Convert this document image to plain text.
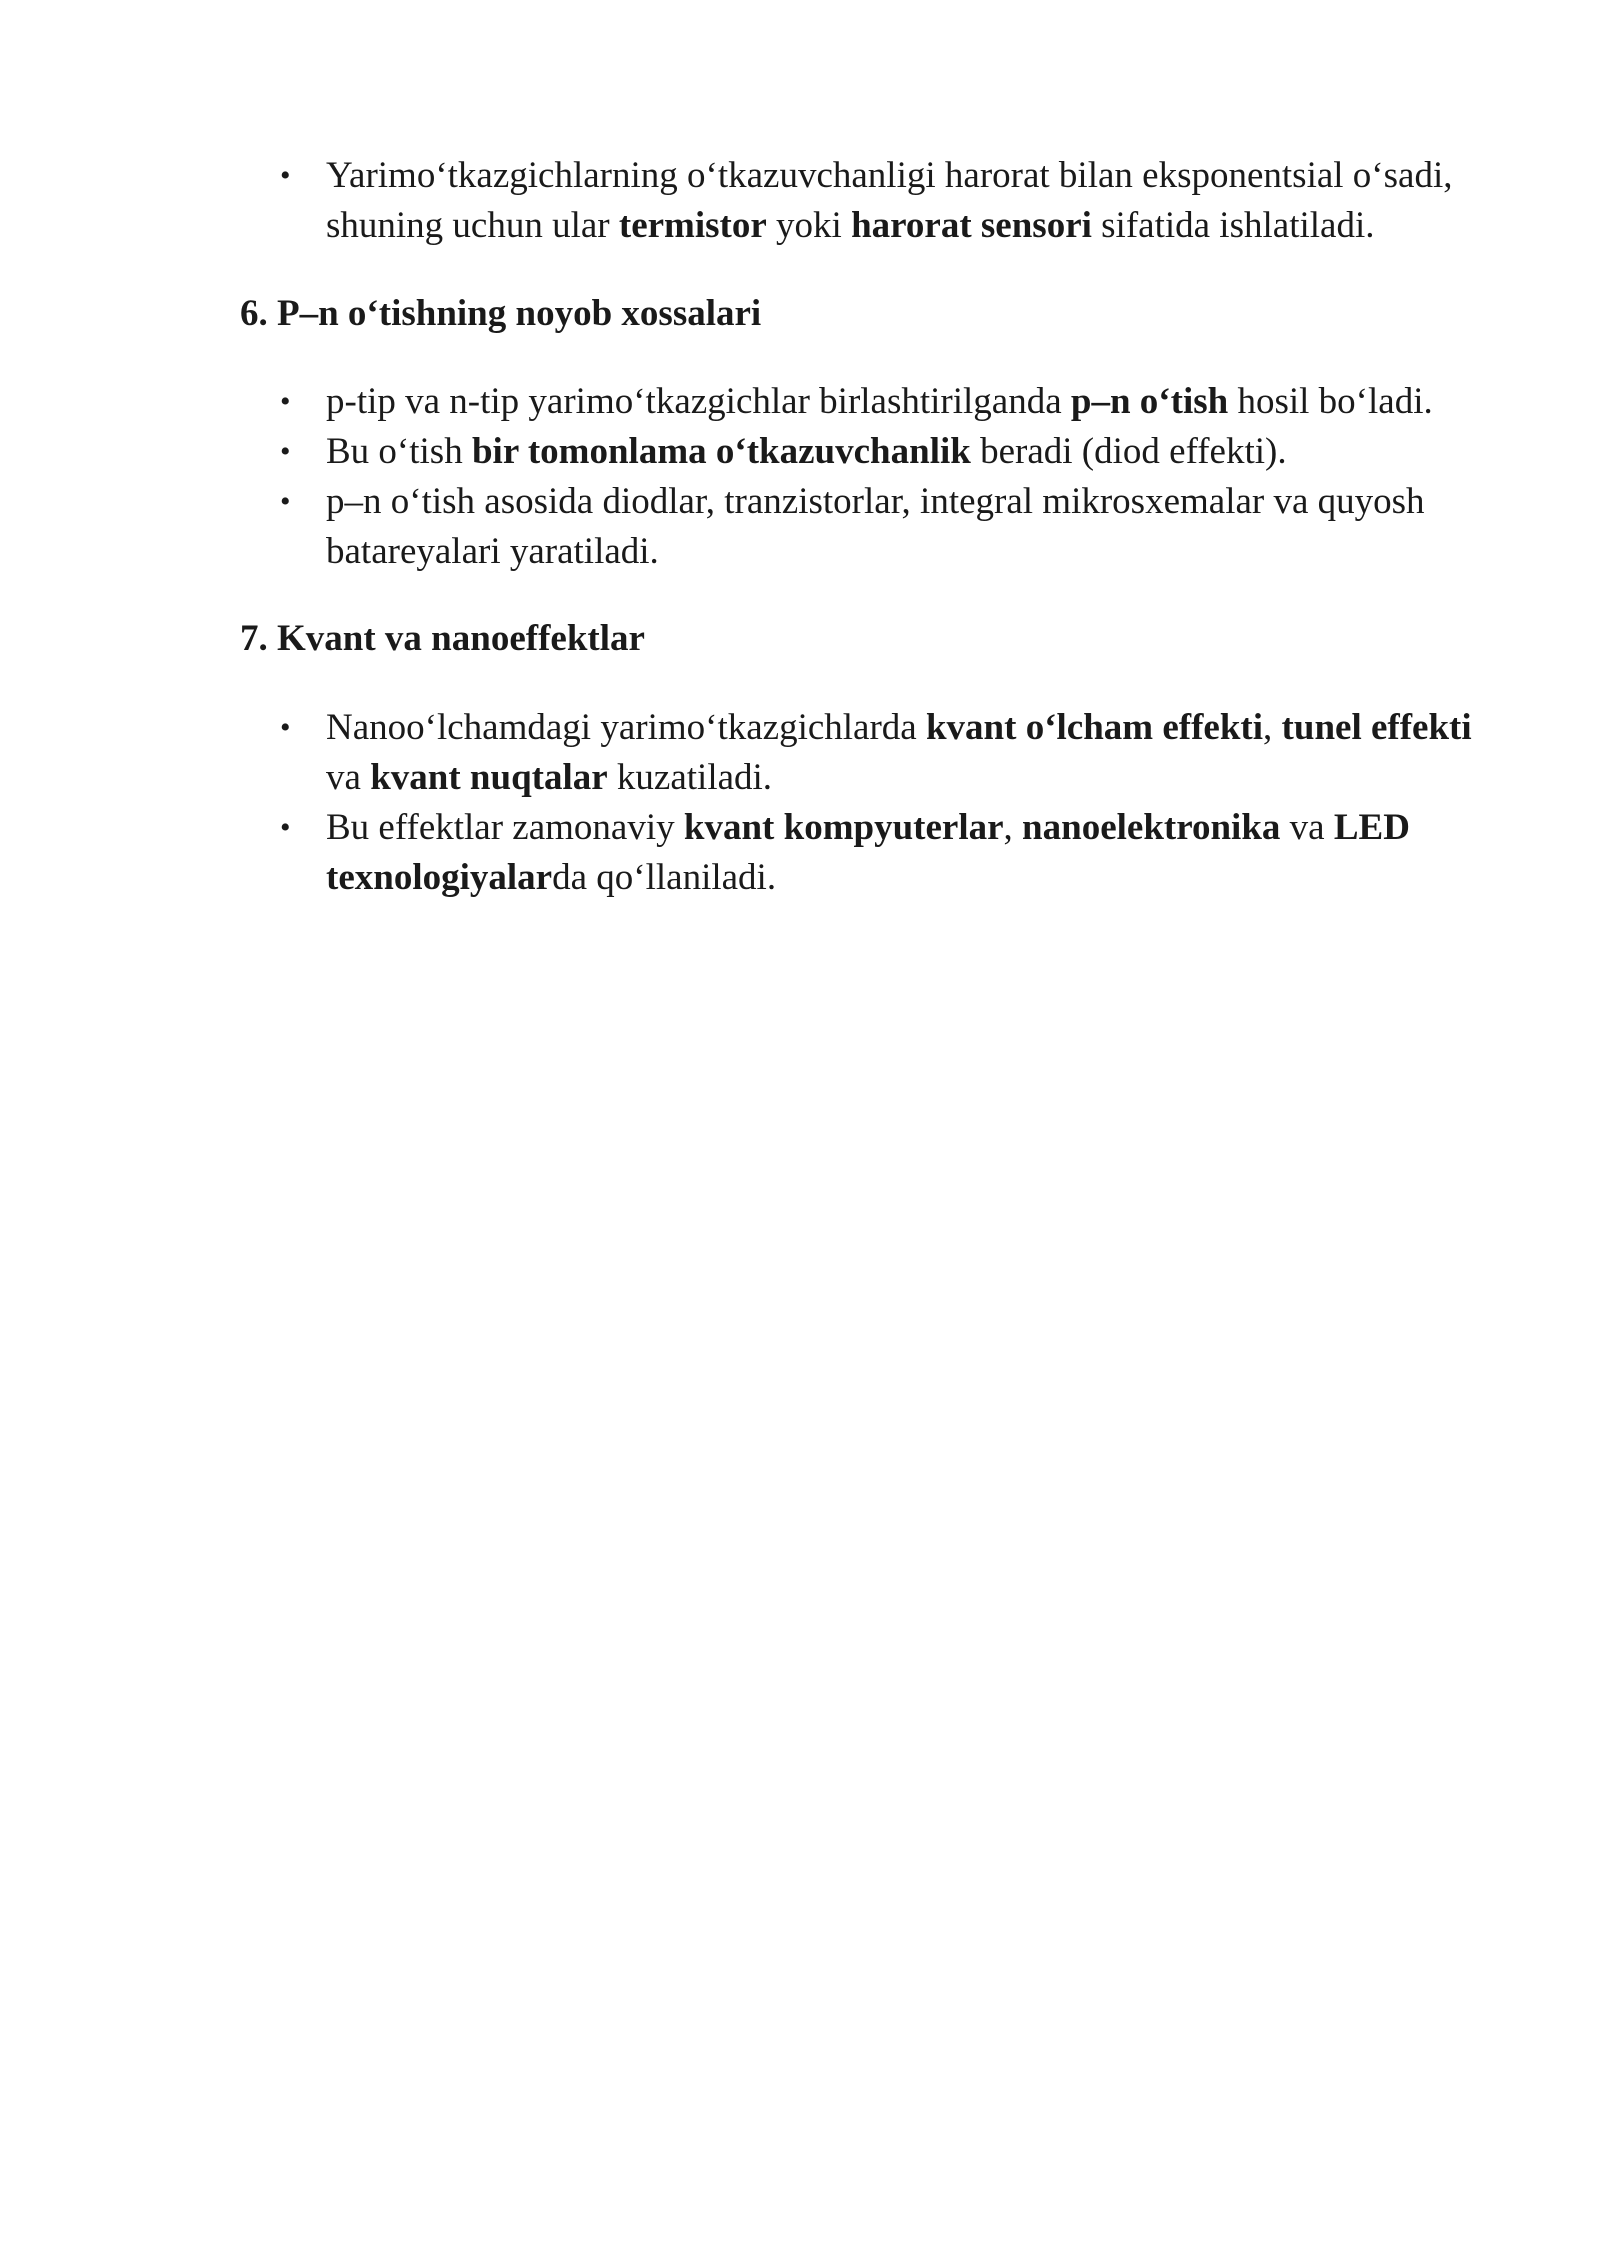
• Yarimo‘tkazgichlarning o‘tkazuvchanligi harorat bilan eksponentsial o‘sadi, shuning uchun ular termistor yoki harorat sensori sifatida ishlatiladi.
6. P–n o‘tishning noyob xossalari
• p-tip va n-tip yarimo‘tkazgichlar birlashtirilganda p–n o‘tish hosil bo‘ladi.
• Bu o‘tish bir tomonlama o‘tkazuvchanlik beradi (diod effekti).
• p–n o‘tish asosida diodlar, tranzistorlar, integral mikrosxemalar va quyosh batareyalari yaratiladi.
7. Kvant va nanoeffektlar
• Nanoo‘lchamdagi yarimo‘tkazgichlarda kvant o‘lcham effekti, tunel effekti va kvant nuqtalar kuzatiladi.
• Bu effektlar zamonaviy kvant kompyuterlar, nanoelektronika va LED texnologiyalarda qo‘llaniladi.
